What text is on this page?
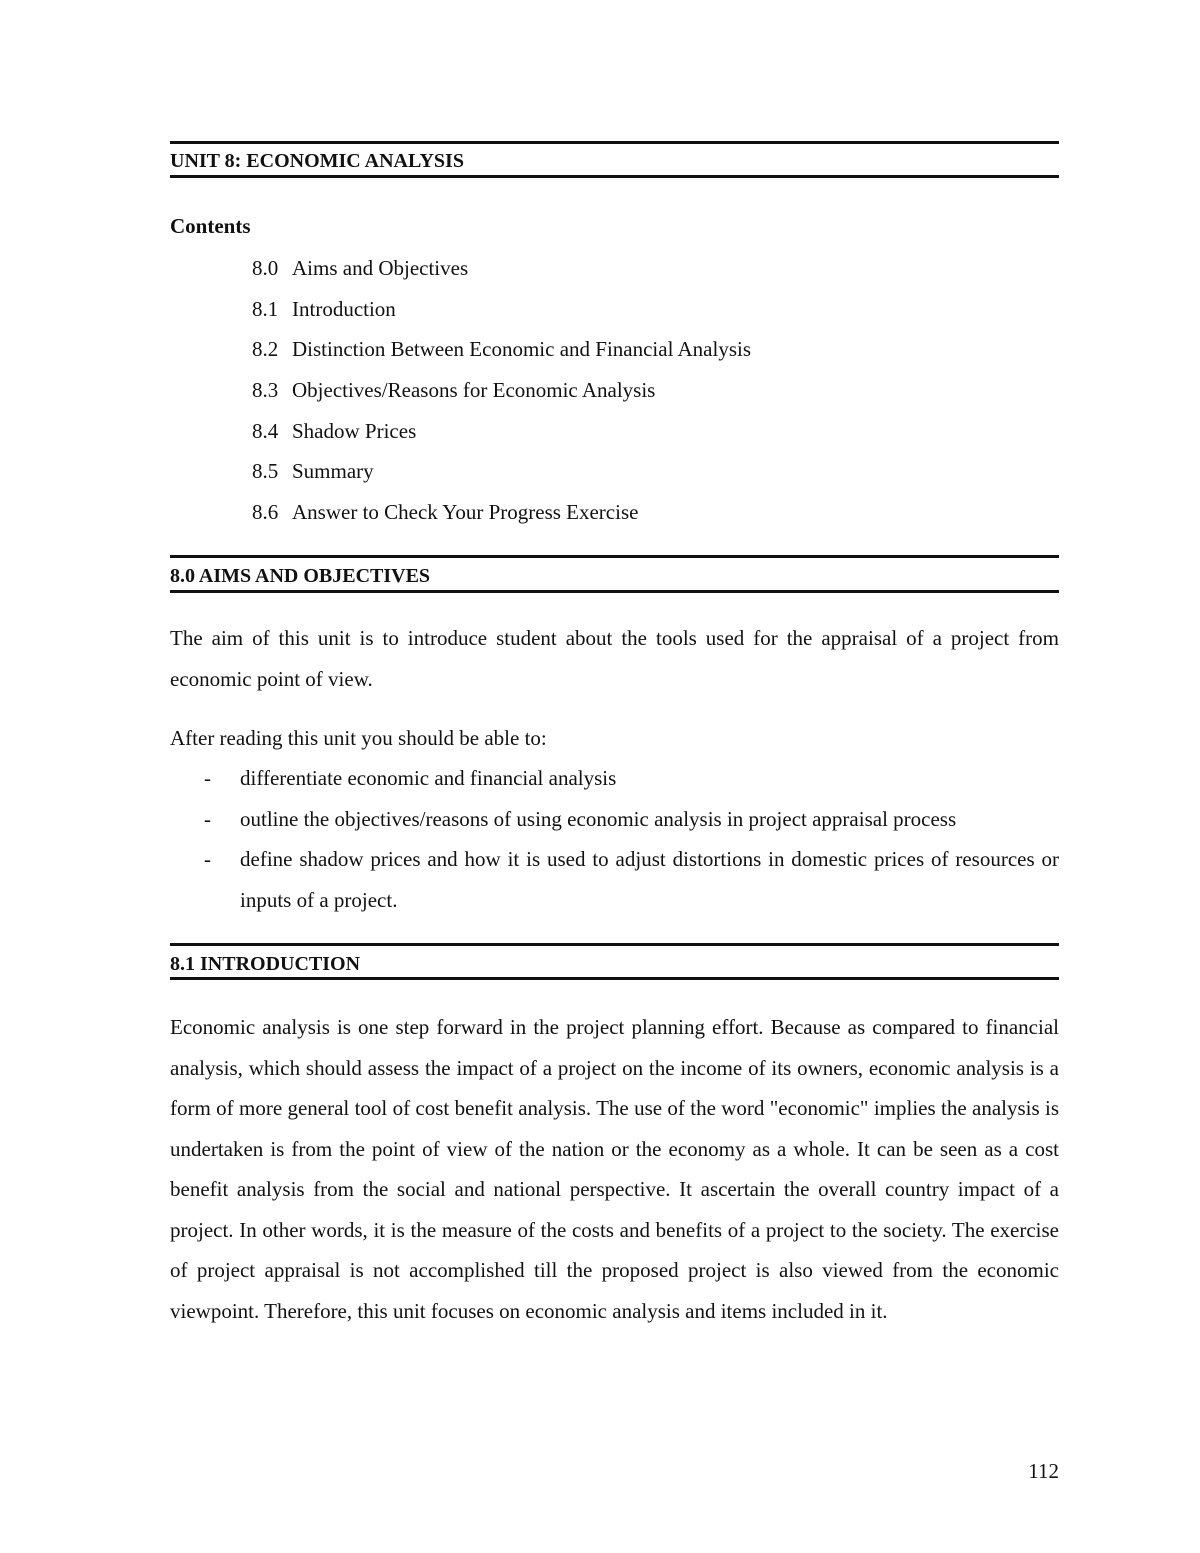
UNIT 8: ECONOMIC ANALYSIS
Contents
8.0 Aims and Objectives
8.1 Introduction
8.2 Distinction Between Economic and Financial Analysis
8.3 Objectives/Reasons for Economic Analysis
8.4 Shadow Prices
8.5 Summary
8.6 Answer to Check Your Progress Exercise
8.0 AIMS AND OBJECTIVES

The aim of this unit is to introduce student about the tools used for the appraisal of a project from economic point of view.

After reading this unit you should be able to:

- differentiate economic and financial analysis
- outline the objectives/reasons of using economic analysis in project appraisal process
- define shadow prices and how it is used to adjust distortions in domestic prices of resources or inputs of a project.
8.1 INTRODUCTION

Economic analysis is one step forward in the project planning effort. Because as compared to financial analysis, which should assess the impact of a project on the income of its owners, economic analysis is a form of more general tool of cost benefit analysis. The use of the word "economic" implies the analysis is undertaken is from the point of view of the nation or the economy as a whole. It can be seen as a cost benefit analysis from the social and national perspective. It ascertain the overall country impact of a project. In other words, it is the measure of the costs and benefits of a project to the society. The exercise of project appraisal is not accomplished till the proposed project is also viewed from the economic viewpoint. Therefore, this unit focuses on economic analysis and items included in it.

112
